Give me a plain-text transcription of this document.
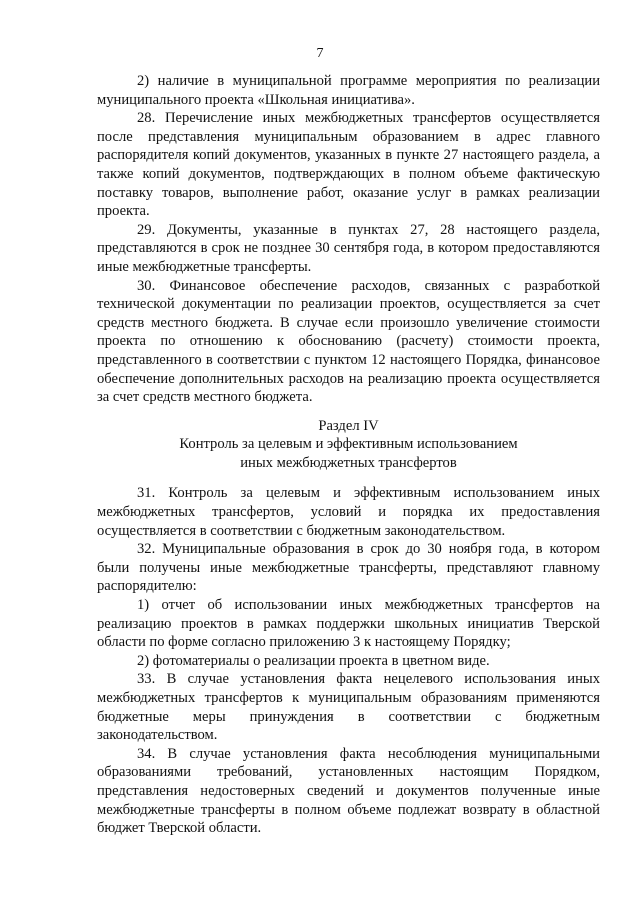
7

2) наличие в муниципальной программе мероприятия по реализации муниципального проекта «Школьная инициатива».

28. Перечисление иных межбюджетных трансфертов осуществляется после представления муниципальным образованием в адрес главного распорядителя копий документов, указанных в пункте 27 настоящего раздела, а также копий документов, подтверждающих в полном объеме фактическую поставку товаров, выполнение работ, оказание услуг в рамках реализации проекта.

29. Документы, указанные в пунктах 27, 28 настоящего раздела, представляются в срок не позднее 30 сентября года, в котором предоставляются иные межбюджетные трансферты.

30. Финансовое обеспечение расходов, связанных с разработкой технической документации по реализации проектов, осуществляется за счет средств местного бюджета. В случае если произошло увеличение стоимости проекта по отношению к обоснованию (расчету) стоимости проекта, представленного в соответствии с пунктом 12 настоящего Порядка, финансовое обеспечение дополнительных расходов на реализацию проекта осуществляется за счет средств местного бюджета.

Раздел IV
Контроль за целевым и эффективным использованием
иных межбюджетных трансфертов

31. Контроль за целевым и эффективным использованием иных межбюджетных трансфертов, условий и порядка их предоставления осуществляется в соответствии с бюджетным законодательством.

32. Муниципальные образования в срок до 30 ноября года, в котором были получены иные межбюджетные трансферты, представляют главному распорядителю:

1) отчет об использовании иных межбюджетных трансфертов на реализацию проектов в рамках поддержки школьных инициатив Тверской области по форме согласно приложению 3 к настоящему Порядку;

2) фотоматериалы о реализации проекта в цветном виде.

33. В случае установления факта нецелевого использования иных межбюджетных трансфертов к муниципальным образованиям применяются бюджетные меры принуждения в соответствии с бюджетным законодательством.

34. В случае установления факта несоблюдения муниципальными образованиями требований, установленных настоящим Порядком, представления недостоверных сведений и документов полученные иные межбюджетные трансферты в полном объеме подлежат возврату в областной бюджет Тверской области.
